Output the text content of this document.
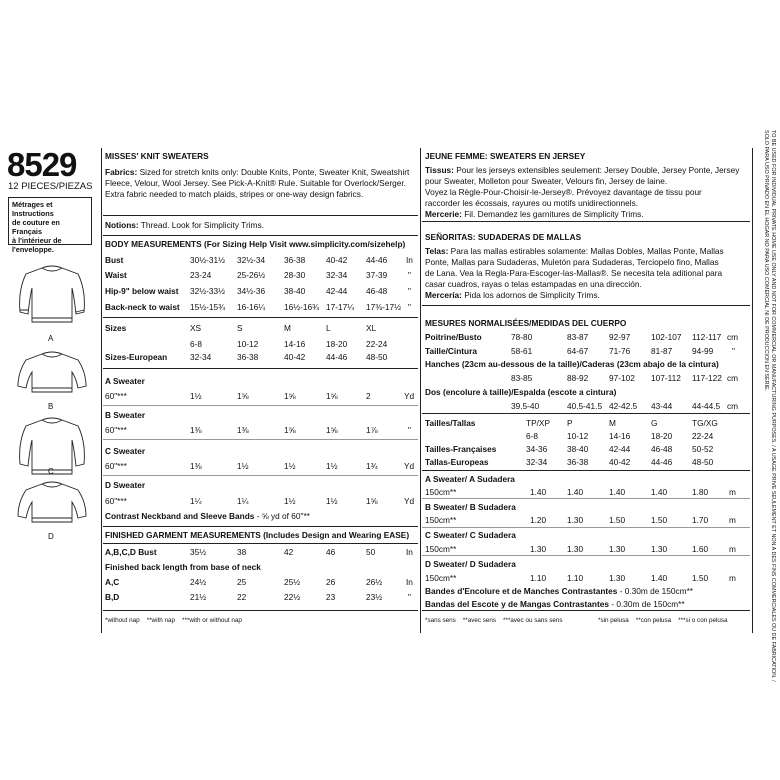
8529
12 PIECES/PIEZAS
Métrages et Instructions
de couture en Français
à l'intérieur de
l'enveloppe.
A
B
C
D
MISSES' KNIT SWEATERS
Fabrics: Sized for stretch knits only: Double Knits, Ponte, Sweater Knit, Sweatshirt
Fleece, Velour, Wool Jersey. See Pick-A-Knit® Rule. Suitable for Overlock/Serger.
Extra fabric needed to match plaids, stripes or one-way design fabrics.
Notions: Thread. Look for Simplicity Trims.
BODY MEASUREMENTS (For Sizing Help Visit www.simplicity.com/sizehelp)
Bust	30½-31½ 32½-34 36-38	40-42 44-46 In
Waist	23-24	25-26½ 28-30	32-34 37-39	"
Hip-9" below waist 32½-33½ 34½-36 38-40	42-44 46-48	"
Back-neck to waist 15½-15¾ 16-16¼ 16½-16¾ 17-17¼ 17⅜-17½ "
Sizes	XS	S	M	L	XL
6-8	10-12	14-16	18-20 22-24
Sizes-European	32-34	36-38	40-42	44-46 48-50
A Sweater
60"***	1½	1⅝	1⅝	1⅝	2	Yd
B Sweater
60"***	1⅜	1⅜	1⅝	1⅝	1⅞	"
C Sweater
60"***	1⅜	1½	1½	1½	1¾	Yd
D Sweater
60"***	1¼	1¼	1½	1½	1⅝	Yd
Contrast Neckband and Sleeve Bands - ⅝ yd of 60"**
FINISHED GARMENT MEASUREMENTS (Includes Design and Wearing EASE)
A,B,C,D Bust	35½	38	42	46	50	In
Finished back length from base of neck
A,C	24½	25	25½	26	26½	In
B,D	21½	22	22½	23	23½	"
*without nap    **with nap    ***with or without nap
JEUNE FEMME: SWEATERS EN JERSEY
Tissus: Pour les jerseys extensibles seulement: Jersey Double, Jersey Ponte, Jersey
pour Sweater, Molleton pour Sweater, Velours fin, Jersey de laine.
Voyez la Règle-Pour-Choisir-le-Jersey®. Prévoyez davantage de tissu pour
raccorder les écossais, rayures ou motifs unidirectionnels.
Mercerie: Fil. Demandez les garnitures de Simplicity Trims.
SEÑORITAS: SUDADERAS DE MALLAS
Telas: Para las mallas estirables solamente: Mallas Dobles, Mallas Ponte, Mallas
Ponte, Mallas para Sudaderas, Muletón para Sudaderas, Terciopelo fino, Mallas
de Lana. Vea la Regla-Para-Escoger-las-Mallas®. Se necesita tela aditional para
casar cuadros, rayas o telas estampadas en una dirección.
Mercería: Pida los adornos de Simplicity Trims.
MESURES NORMALISÉES/MEDIDAS DEL CUERPO
Poitrine/Busto	78-80	83-87	92-97	102-107 112-117 cm
Taille/Cintura	58-61	64-67	71-76	81-87 94-99 "
Hanches (23cm au-dessous de la taille)/Caderas (23cm abajo de la cintura)
83-85	88-92	97-102 107-112 117-122 cm
Dos (encolure à taille)/Espalda (escote a cintura)
39.5-40	40.5-41.5 42-42.5 43-44 44-44.5 cm
Tailles/Tallas	TP/XP P	M	G	TG/XG
6-8	10-12	14-16	18-20 22-24
Tailles-Françaises	34-36 38-40	42-44	46-48 50-52
Tallas-Europeas	32-34 36-38	40-42	44-46 48-50
A Sweater/ A Sudadera
150cm**	1.40	1.40	1.40	1.40	1.80	m
B Sweater/ B Sudadera
150cm**	1.20	1.30	1.50	1.50	1.70	m
C Sweater/ C Sudadera
150cm**	1.30	1.30	1.30	1.30	1.60	m
D Sweater/ D Sudadera
150cm**	1.10	1.10	1.30	1.40	1.50	m
Bandes d'Encolure et de Manches Contrastantes - 0.30m de 150cm**
Bandas del Escote y de Mangas Contrastantes - 0.30m de 150cm**
*sans sens    **avec sens    ***avec ou sans sens	*sin pelusa    **con pelusa    ***si o con pelusa	TO BE USED FOR INDIVIDUAL PRIVATE HOME USE ONLY AND NOT FOR COMMERCIAL OR MANUFACTURING PURPOSES. / A USAGE PRIVE SEULEMENT ET NON A DES FINS COMMERCIALES OU DE FABRICATION. / SOLO PARA USO PRIVADO EN EL HOGAR NO PARA USO COMERCIAL NI DE PRODUCCION EN SERIE.
